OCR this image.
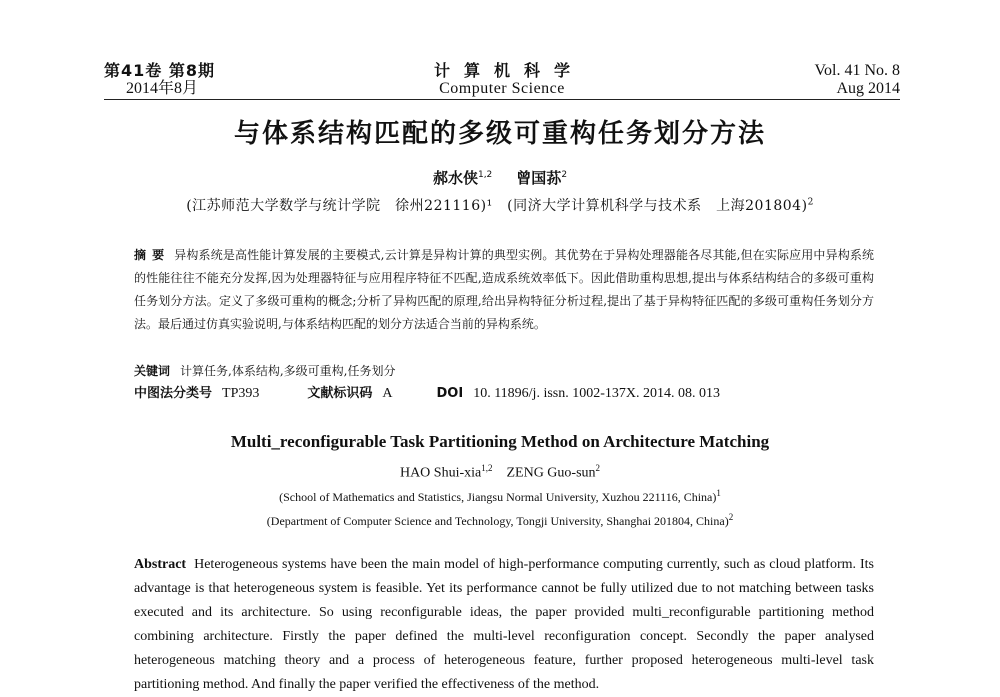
第41卷 第8期
2014年8月
计算机科学
Computer Science
Vol. 41 No. 8
Aug 2014
与体系结构匹配的多级可重构任务划分方法
郝水侠$^{1,2}$ 曾国荪$^2$
(江苏师范大学数学与统计学院　徐州221116)¹　(同济大学计算机科学与技术系　上海201804)$^2$
摘要 异构系统是高性能计算发展的主要模式,云计算是异构计算的典型实例。其优势在于异构处理器能各尽其能,但在实际应用中异构系统的性能往往不能充分发挥,因为处理器特征与应用程序特征不匹配,造成系统效率低下。因此借助重构思想,提出与体系结构结合的多级可重构任务划分方法。定义了多级可重构的概念;分析了异构匹配的原理,给出异构特征分析过程,提出了基于异构特征匹配的多级可重构任务划分方法。最后通过仿真实验说明,与体系结构匹配的划分方法适合当前的异构系统。
关键词 计算任务,体系结构,多级可重构,任务划分
中图法分类号 TP393	文献标识码 A	DOI 10. 11896/j. issn. 1002-137X. 2014. 08. 013
Multi_reconfigurable Task Partitioning Method on Architecture Matching
HAO Shui-xia$^{1,2}$ ZENG Guo-sun$^2$
(School of Mathematics and Statistics, Jiangsu Normal University, Xuzhou 221116, China)$^1$
(Department of Computer Science and Technology, Tongji University, Shanghai 201804, China)$^2$
Abstract Heterogeneous systems have been the main model of high-performance computing currently, such as cloud platform. Its advantage is that heterogeneous system is feasible. Yet its performance cannot be fully utilized due to not matching between tasks executed and its architecture. So using reconfigurable ideas, the paper provided multi_reconfigurable partitioning method combining architecture. Firstly the paper defined the multi-level reconfiguration concept. Secondly the paper analysed heterogeneous matching theory and a process of heterogeneous feature, further proposed heterogeneous multi-level task partitioning method. And finally the paper verified the effectiveness of the method.
